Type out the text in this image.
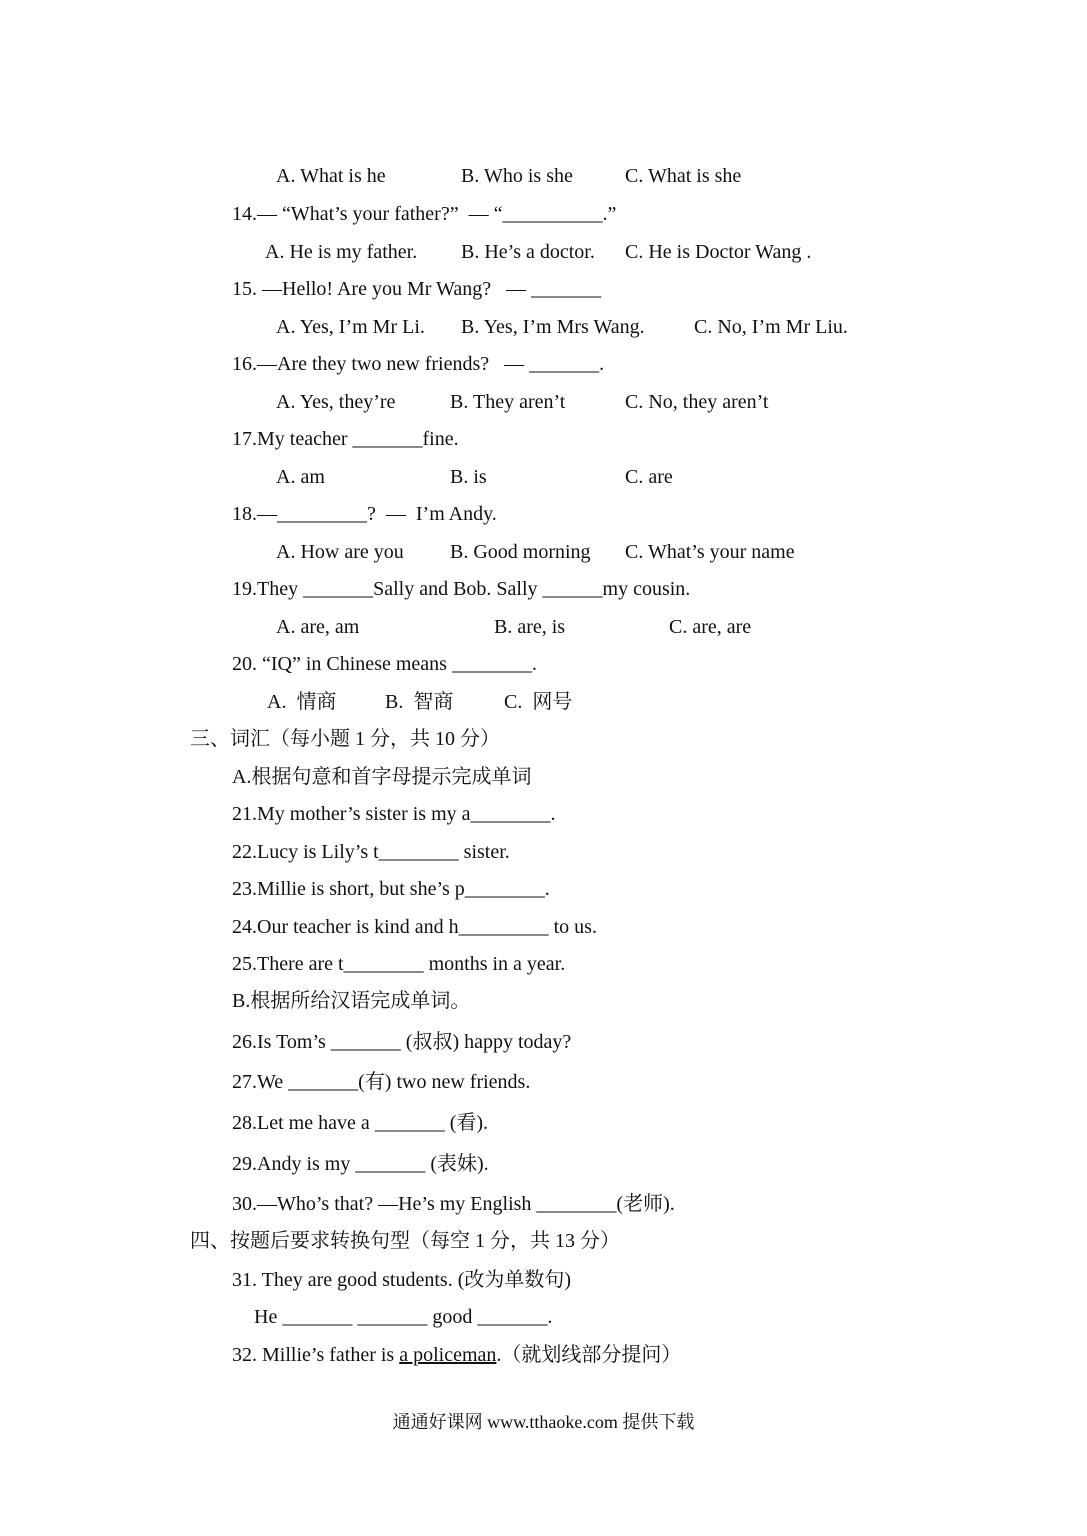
A. What is he	B. Who is she	C. What is she
14.— “What’s your father?”  — “__________.”
A. He is my father. B. He’s a doctor. C. He is Doctor Wang .
15. —Hello! Are you Mr Wang?   — _______
A. Yes, I’m Mr Li. B. Yes, I’m Mrs Wang. C. No, I’m Mr Liu.
16.—Are they two new friends?   — _______.
A. Yes, they’re	B. They aren’t	C. No, they aren’t
17.My teacher _______fine.
A. am	B. is	C. are
18.—_________?  —  I’m Andy.
A. How are you B. Good morning C. What’s your name
19.They _______Sally and Bob. Sally ______my cousin.
A. are, am	B. are, is	C. are, are
20. “IQ” in Chinese means ________.
A.  情商 B.  智商	C.  网号
三、词汇（每小题 1 分，共 10 分）
A.根据句意和首字母提示完成单词
21.My mother’s sister is my a________.
22.Lucy is Lily’s t________ sister.
23.Millie is short, but she’s p________.
24.Our teacher is kind and h_________ to us.
25.There are t________ months in a year.
B.根据所给汉语完成单词。
26.Is Tom’s _______ (叔叔) happy today?
27.We _______(有) two new friends.
28.Let me have a _______ (看).
29.Andy is my _______ (表妹).
30.—Who’s that? —He’s my English ________(老师).
四、按题后要求转换句型（每空 1 分，共 13 分）
31. They are good students. (改为单数句)
He _______ _______ good _______.
32. Millie’s father is a policeman.（就划线部分提问）
通通好课网 www.tthaoke.com 提供下载
